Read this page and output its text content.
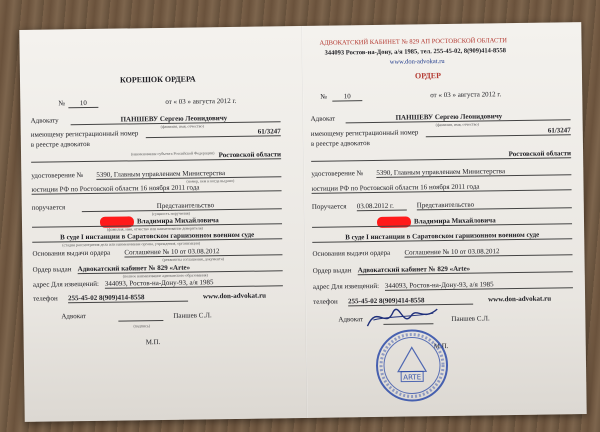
АДВОКАТСКИЙ КАБИНЕТ № 829 АП РОСТОВСКОЙ ОБЛАСТИ
344093 Ростов-на-Дону, а/я 1985, тел. 255-45-02, 8(909)414-8558
www.don-advokat.ru
КОРЕШОК ОРДЕРА
№	10	от « 03 » августа 2012 г.
Адвокату	ПАНШЕВУ Сергею Леонидовичу
(фамилия, имя, отчество)
имеющему регистрационный номер	61/3247
в реестре адвокатов
(наименование субъекта Российской Федерации) Ростовской области
удостоверение № 5390, Главным управлением Министерства
(номер, кем и когда выдано)
юстиции РФ по Ростовской области 16 ноября 2011 года
поручается	Представительство
(сущность поручения)
Владимира Михайловича
(фамилия, имя, отчество или наименование доверителя)
В суде I инстанции в Саратовском гарнизонном военном суде
(стадия рассмотрения дела или наименование органа, учреждения, организации)
Основания выдачи ордера Соглашение № 10 от 03.08.2012
(реквизиты соглашения, документа)
Ордер выдан Адвокатский кабинет № 829 «Arte»
(полное наименование адвокатского образования)
адрес Для извещений: 344093, Ростов-на-Дону-93, а/я 1985
телефон 255-45-02 8(909)414-8558	www.don-advokat.ru
Адвокат	Паншев С.Л.
(подпись)
М.П.
ОРДЕР
№	10	от « 03 » августа 2012 г.
Адвокат	ПАНШЕВУ Сергею Леонидовичу
(фамилия, имя, отчество)
имеющему регистрационный номер	61/3247
в реестре адвокатов
Ростовской области
удостоверение № 5390, Главным управлением Министерства
юстиции РФ по Ростовской области 16 ноября 2011 года
Поручается 03.08.2012 г.	Представительство
Владимира Михайловича
В суде I инстанции в Саратовском гарнизонном военном суде
Основания выдачи ордера Соглашение № 10 от 03.08.2012
Ордер выдан Адвокатский кабинет № 829 «Arte»
адрес Для извещений: 344093, Ростов-на-Дону-93, а/я 1985
телефон 255-45-02 8(909)414-8558	www.don-advokat.ru
Адвокат	Паншев С.Л.
М.П.
ARTE
